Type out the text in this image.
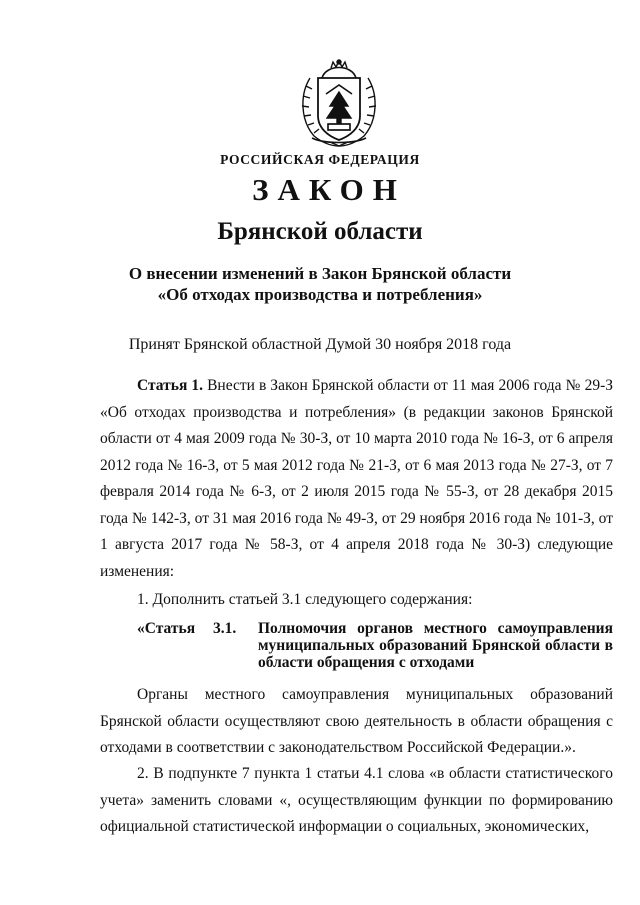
РОССИЙСКАЯ ФЕДЕРАЦИЯ
ЗАКОН
Брянской области
О внесении изменений в Закон Брянской области
«Об отходах производства и потребления»
Принят Брянской областной Думой 30 ноября 2018 года
Статья 1. Внести в Закон Брянской области от 11 мая 2006 года № 29-З «Об отходах производства и потребления» (в редакции законов Брянской области от 4 мая 2009 года № 30-З, от 10 марта 2010 года № 16-З, от 6 апреля 2012 года № 16-З, от 5 мая 2012 года № 21-З, от 6 мая 2013 года № 27-З, от 7 февраля 2014 года № 6-З, от 2 июля 2015 года № 55-З, от 28 декабря 2015 года № 142-З, от 31 мая 2016 года № 49-З, от 29 ноября 2016 года № 101-З, от 1 августа 2017 года № 58-З, от 4 апреля 2018 года № 30-З) следующие изменения:
1. Дополнить статьей 3.1 следующего содержания:
«Статья 3.1. Полномочия органов местного самоуправления муниципальных образований Брянской области в области обращения с отходами
Органы местного самоуправления муниципальных образований Брянской области осуществляют свою деятельность в области обращения с отходами в соответствии с законодательством Российской Федерации.».
2. В подпункте 7 пункта 1 статьи 4.1 слова «в области статистического учета» заменить словами «, осуществляющим функции по формированию официальной статистической информации о социальных, экономических,
